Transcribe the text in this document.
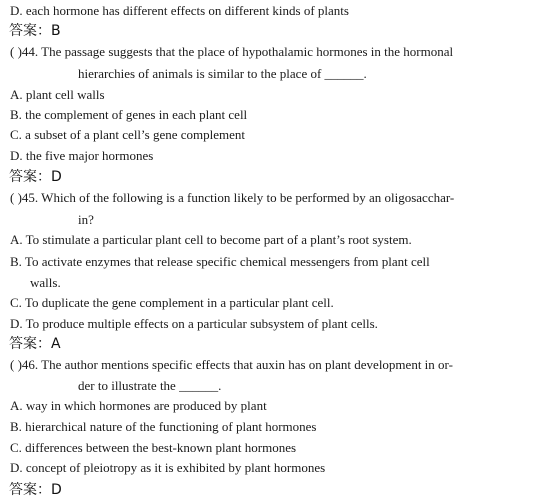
D. each hormone has different effects on different kinds of plants
答案：B
( )44. The passage suggests that the place of hypothalamic hormones in the hormonal
hierarchies of animals is similar to the place of ______.
A. plant cell walls
B. the complement of genes in each plant cell
C. a subset of a plant cell’s gene complement
D. the five major hormones
答案：D
( )45. Which of the following is a function likely to be performed by an oligosacchar-
in?
A. To stimulate a particular plant cell to become part of a plant’s root system.
B. To activate enzymes that release specific chemical messengers from plant cell
walls.
C. To duplicate the gene complement in a particular plant cell.
D. To produce multiple effects on a particular subsystem of plant cells.
答案：A
( )46. The author mentions specific effects that auxin has on plant development in or-
der to illustrate the ______.
A. way in which hormones are produced by plant
B. hierarchical nature of the functioning of plant hormones
C. differences between the best-known plant hormones
D. concept of pleiotropy as it is exhibited by plant hormones
答案：D
